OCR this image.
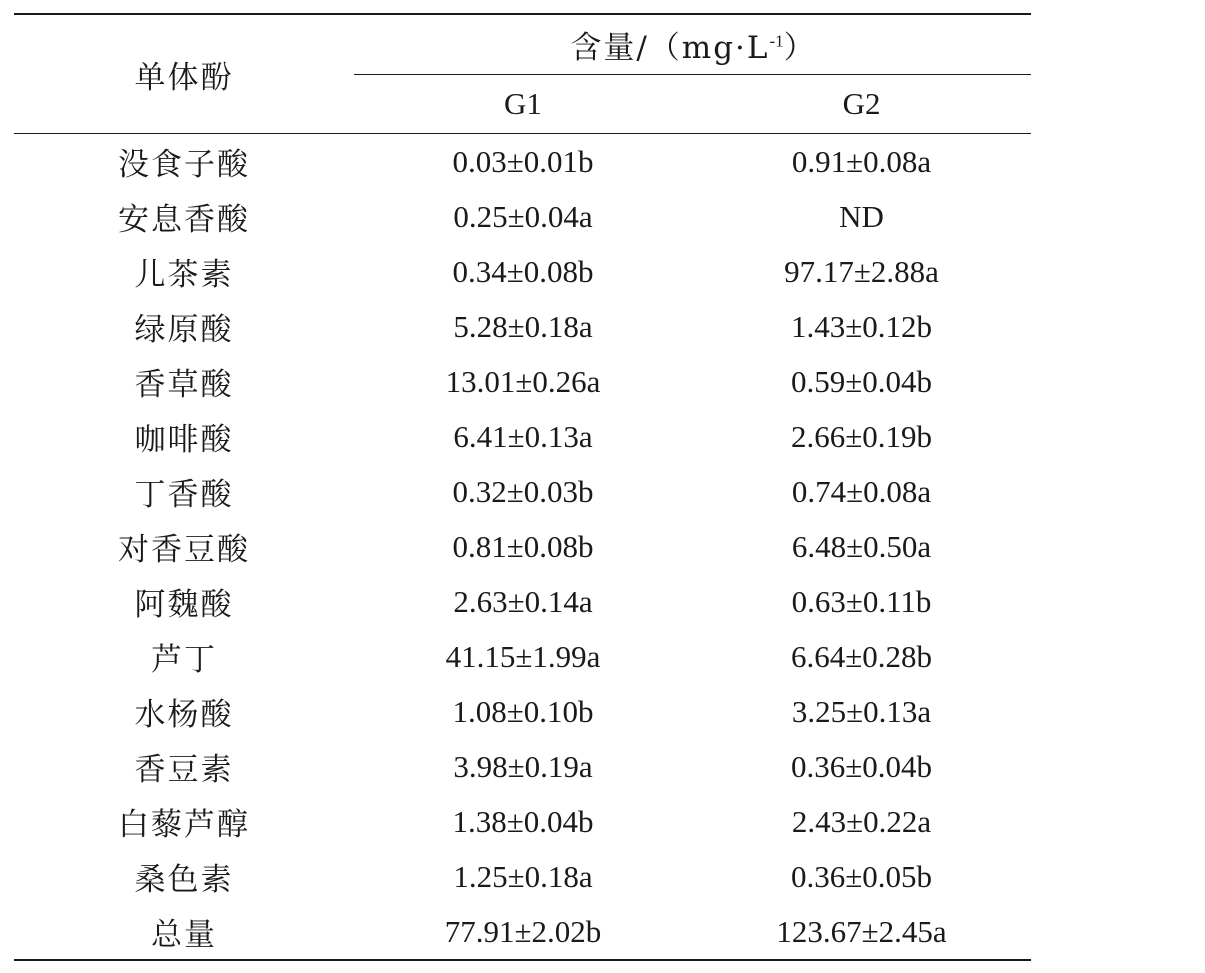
单体酚	含量$/(mg\cdot L^{-1})$	
	G1	G2
没食子酸	0.03±0.01b	0.91±0.08a
安息香酸	0.25±0.04a	ND
儿茶素	0.34±0.08b	97.17±2.88a
绿原酸	5.28±0.18a	1.43±0.12b
香草酸	13.01±0.26a	0.59±0.04b
咖啡酸	6.41±0.13a	2.66±0.19b
丁香酸	0.32±0.03b	0.74±0.08a
对香豆酸	0.81±0.08b	6.48±0.50a
阿魏酸	2.63±0.14a	0.63±0.11b
芦丁	41.15±1.99a	6.64±0.28b
水杨酸	1.08±0.10b	3.25±0.13a
香豆素	3.98±0.19a	0.36±0.04b
白藜芦醇	1.38±0.04b	2.43±0.22a
桑色素	1.25±0.18a	0.36±0.05b
总量	77.91±2.02b	123.67±2.45a
